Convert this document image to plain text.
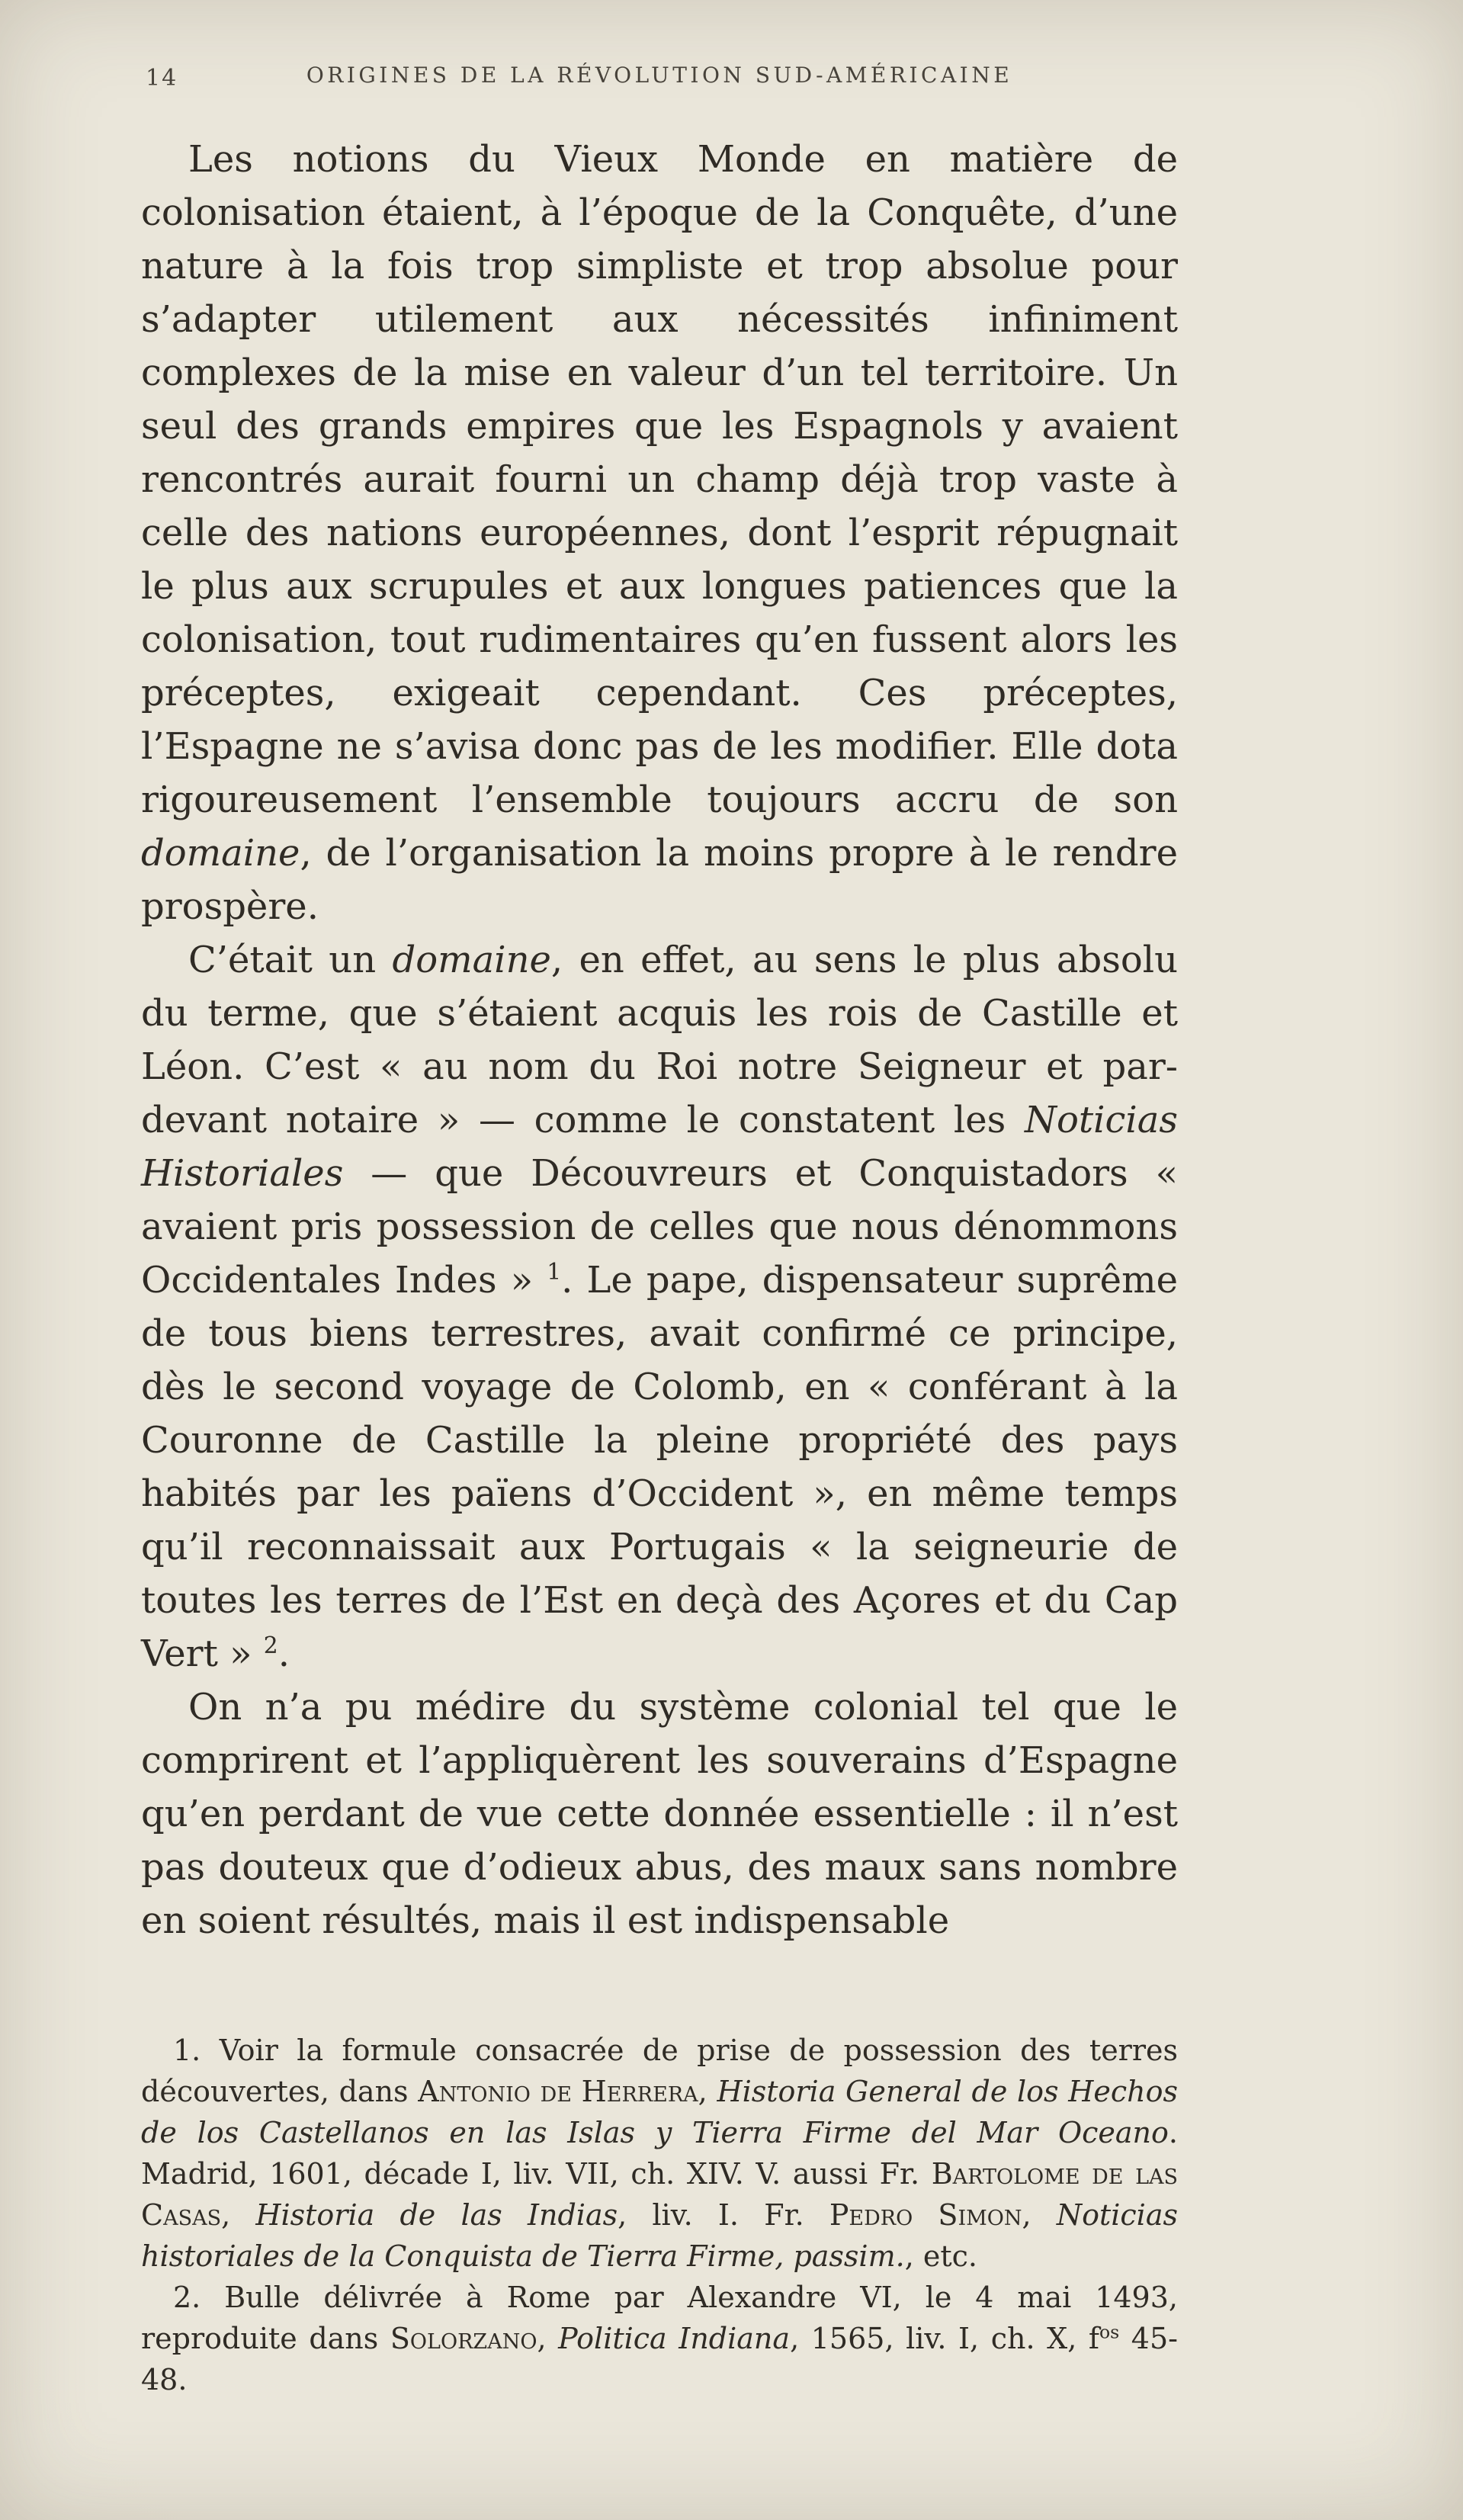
14	ORIGINES DE LA RÉVOLUTION SUD-AMÉRICAINE

Les notions du Vieux Monde en matière de colonisation étaient, à l’époque de la Conquête, d’une nature à la fois trop simpliste et trop absolue pour s’adapter utilement aux nécessités infiniment complexes de la mise en valeur d’un tel territoire. Un seul des grands empires que les Espagnols y avaient rencontrés aurait fourni un champ déjà trop vaste à celle des nations européennes, dont l’esprit répugnait le plus aux scrupules et aux longues patiences que la colonisation, tout rudimentaires qu’en fussent alors les préceptes, exigeait cependant. Ces préceptes, l’Espagne ne s’avisa donc pas de les modifier. Elle dota rigoureusement l’ensemble toujours accru de son domaine, de l’organisation la moins propre à le rendre prospère.

C’était un domaine, en effet, au sens le plus absolu du terme, que s’étaient acquis les rois de Castille et Léon. C’est « au nom du Roi notre Seigneur et par-devant notaire » — comme le constatent les Noticias Historiales — que Découvreurs et Conquistadors « avaient pris possession de celles que nous dénommons Occidentales Indes » $^1$. Le pape, dispensateur suprême de tous biens terrestres, avait confirmé ce principe, dès le second voyage de Colomb, en « conférant à la Couronne de Castille la pleine propriété des pays habités par les païens d’Occident », en même temps qu’il reconnaissait aux Portugais « la seigneurie de toutes les terres de l’Est en deçà des Açores et du Cap Vert » $^2$.

On n’a pu médire du système colonial tel que le comprirent et l’appliquèrent les souverains d’Espagne qu’en perdant de vue cette donnée essentielle : il n’est pas douteux que d’odieux abus, des maux sans nombre en soient résultés, mais il est indispensable

1. Voir la formule consacrée de prise de possession des terres découvertes, dans Antonio de Herrera, Historia General de los Hechos de los Castellanos en las Islas y Tierra Firme del Mar Oceano. Madrid, 1601, décade I, liv. VII, ch. XIV. V. aussi Fr. Bartolome de las Casas, Historia de las Indias, liv. I. Fr. Pedro Simon, Noticias historiales de la Conquista de Tierra Firme, passim., etc.

2. Bulle délivrée à Rome par Alexandre VI, le 4 mai 1493, reproduite dans Solorzano, Politica Indiana, 1565, liv. I, ch. X, $f^{os}$ 45-48.
